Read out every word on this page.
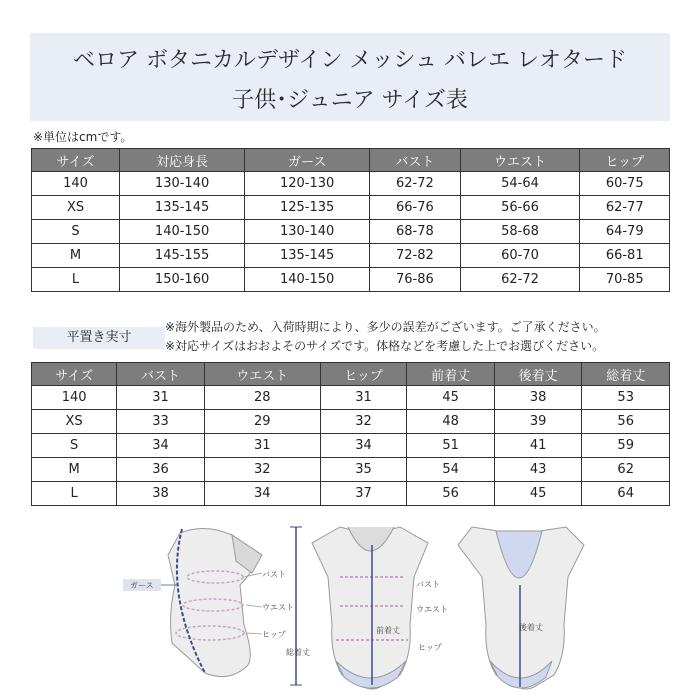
ベロア ボタニカルデザイン メッシュ バレエ レオタード
子供･ジュニア サイズ表
※単位はcmです。
サイズ	対応身長	ガース	バスト	ウエスト	ヒップ
140	130-140	120-130	62-72	54-64	60-75
XS	135-145	125-135	66-76	56-66	62-77
S	140-150	130-140	68-78	58-68	64-79
M	145-155	135-145	72-82	60-70	66-81
L	150-160	140-150	76-86	62-72	70-85
平置き実寸
※海外製品のため、入荷時期により、多少の誤差がございます。ご了承ください。
※対応サイズはおおよそのサイズです。体格などを考慮した上でお選びください。
サイズ	バスト	ウエスト	ヒップ	前着丈	後着丈	総着丈
140	31	28	31	45	38	53
XS	33	29	32	48	39	56
S	34	31	34	51	41	59
M	36	32	35	54	43	62
L	38	34	37	56	45	64
ガース
バスト
ウエスト
ヒップ
総着丈
前着丈
バスト
ウエスト
ヒップ
後着丈
